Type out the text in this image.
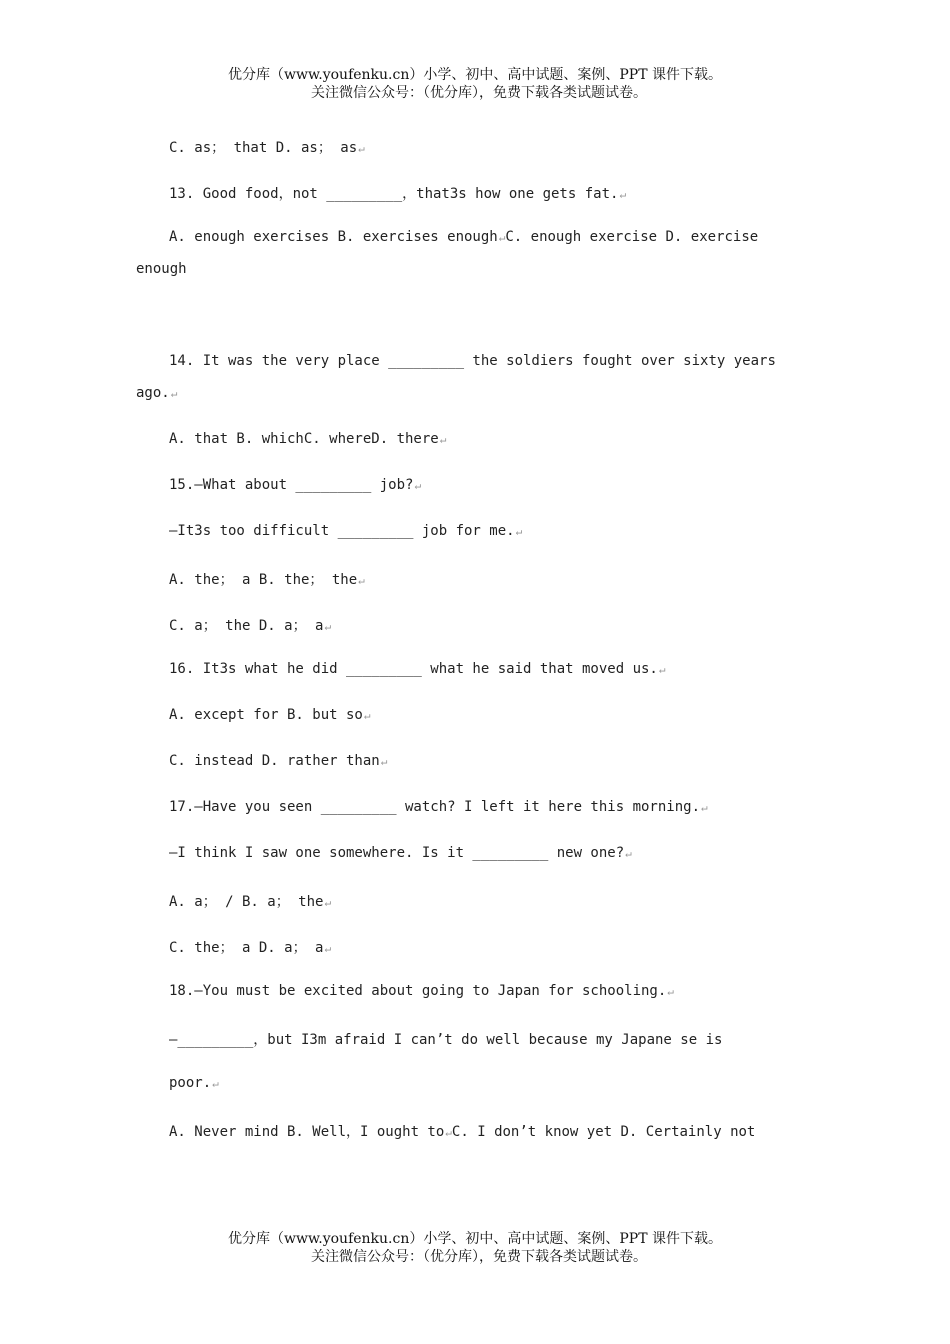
优分库（www.youfenku.cn）小学、初中、高中试题、案例、PPT 课件下载。
关注微信公众号：（优分库），免费下载各类试题试卷。
C. as； that D. as； as↵
13. Good food，not _________，that3s how one gets fat.↵
A. enough exercises B. exercises enough↵C. enough exercise D. exercise
enough
14. It was the very place _________ the soldiers fought over sixty years
ago.↵
A. that B. whichC. whereD. there↵
15.—What about _________ job?↵
—It3s too difficult _________ job for me.↵
A. the； a B. the； the↵
C. a； the D. a； a↵
16. It3s what he did _________ what he said that moved us.↵
A. except for B. but so↵
C. instead D. rather than↵
17.—Have you seen _________ watch? I left it here this morning.↵
—I think I saw one somewhere. Is it _________ new one?↵
A. a； / B. a； the↵
C. the； a D. a； a↵
18.—You must be excited about going to Japan for schooling.↵
—_________，but I3m afraid I can’t do well because my Japane se is
poor.↵
A. Never mind B. Well，I ought to↵C. I don’t know yet D. Certainly not
优分库（www.youfenku.cn）小学、初中、高中试题、案例、PPT 课件下载。
关注微信公众号：（优分库），免费下载各类试题试卷。
